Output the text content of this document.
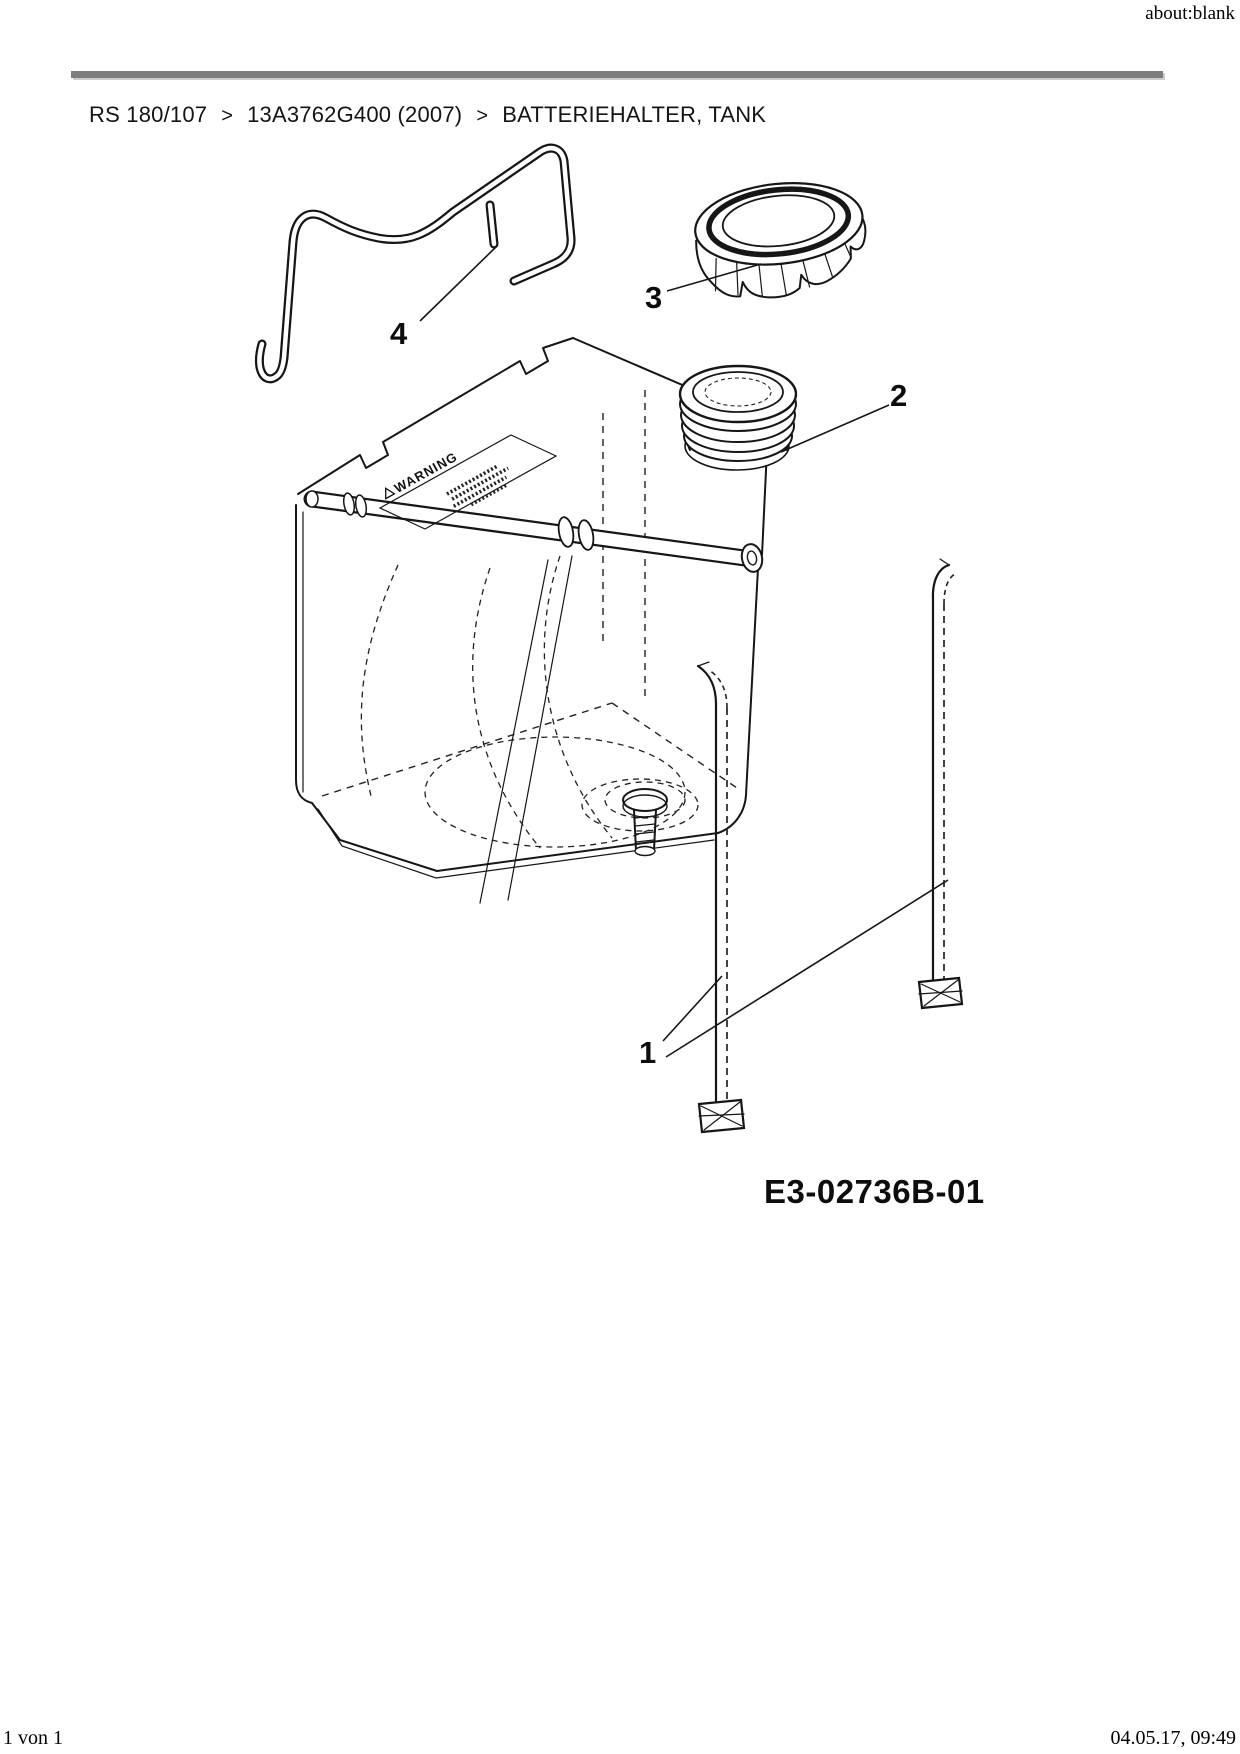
about:blank
RS 180/107 > 13A3762G400 (2007) > BATTERIEHALTER, TANK
WARNING
1
2
3
4
E3-02736B-01
1 von 1	04.05.17, 09:49
